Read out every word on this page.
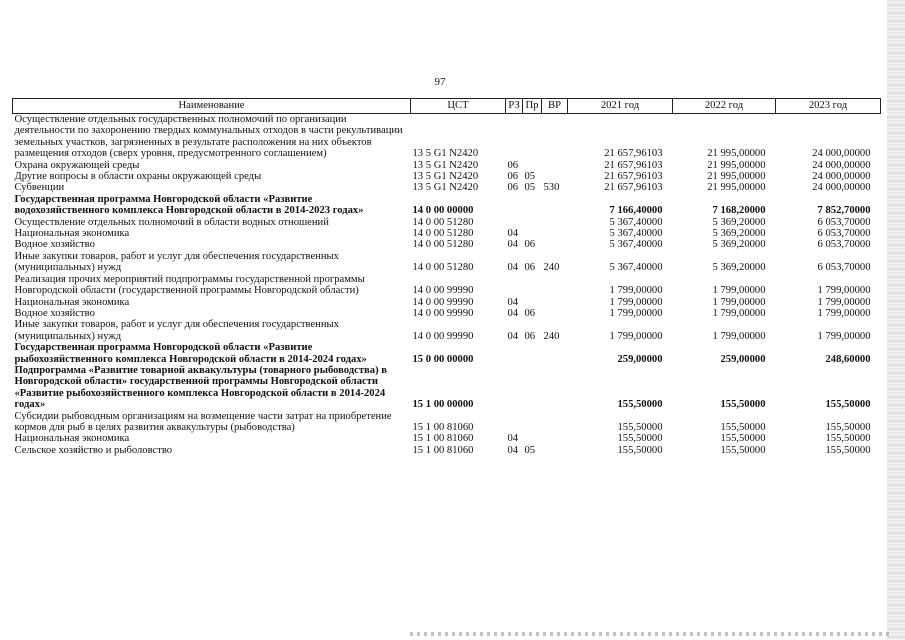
97
Наименование	ЦСТ	РЗ	Пр	ВР	2021 год	2022 год	2023 год
Осуществление отдельных государственных полномочий по организации деятельности по захоронению твердых коммунальных отходов в части рекультивации земельных участков, загрязненных в результате расположения на них объектов размещения отходов (сверх уровня, предусмотренного соглашением)	13 5 G1 N2420				21 657,96103	21 995,00000	24 000,00000
Охрана окружающей среды	13 5 G1 N2420	06			21 657,96103	21 995,00000	24 000,00000
Другие вопросы в области охраны окружающей среды	13 5 G1 N2420	06	05		21 657,96103	21 995,00000	24 000,00000
Субвенции	13 5 G1 N2420	06	05	530	21 657,96103	21 995,00000	24 000,00000
Государственная программа Новгородской области «Развитие водохозяйственного комплекса Новгородской области в 2014-2023 годах»	14 0 00 00000				7 166,40000	7 168,20000	7 852,70000
Осуществление отдельных полномочий в области водных отношений	14 0 00 51280				5 367,40000	5 369,20000	6 053,70000
Национальная экономика	14 0 00 51280	04			5 367,40000	5 369,20000	6 053,70000
Водное хозяйство	14 0 00 51280	04	06		5 367,40000	5 369,20000	6 053,70000
Иные закупки товаров, работ и услуг для обеспечения государственных (муниципальных) нужд	14 0 00 51280	04	06	240	5 367,40000	5 369,20000	6 053,70000
Реализация прочих мероприятий подпрограммы государственной программы Новгородской области (государственной программы Новгородской области)	14 0 00 99990				1 799,00000	1 799,00000	1 799,00000
Национальная экономика	14 0 00 99990	04			1 799,00000	1 799,00000	1 799,00000
Водное хозяйство	14 0 00 99990	04	06		1 799,00000	1 799,00000	1 799,00000
Иные закупки товаров, работ и услуг для обеспечения государственных (муниципальных) нужд	14 0 00 99990	04	06	240	1 799,00000	1 799,00000	1 799,00000
Государственная программа Новгородской области «Развитие рыбохозяйственного комплекса Новгородской области в 2014-2024 годах»	15 0 00 00000				259,00000	259,00000	248,60000
Подпрограмма «Развитие товарной аквакультуры (товарного рыбоводства) в Новгородской области» государственной программы Новгородской области «Развитие рыбохозяйственного комплекса Новгородской области в 2014-2024 годах»	15 1 00 00000				155,50000	155,50000	155,50000
Субсидии рыбоводным организациям на возмещение части затрат на приобретение кормов для рыб в целях развития аквакультуры (рыбоводства)	15 1 00 81060				155,50000	155,50000	155,50000
Национальная экономика	15 1 00 81060	04			155,50000	155,50000	155,50000
Сельское хозяйство и рыболовство	15 1 00 81060	04	05		155,50000	155,50000	155,50000
